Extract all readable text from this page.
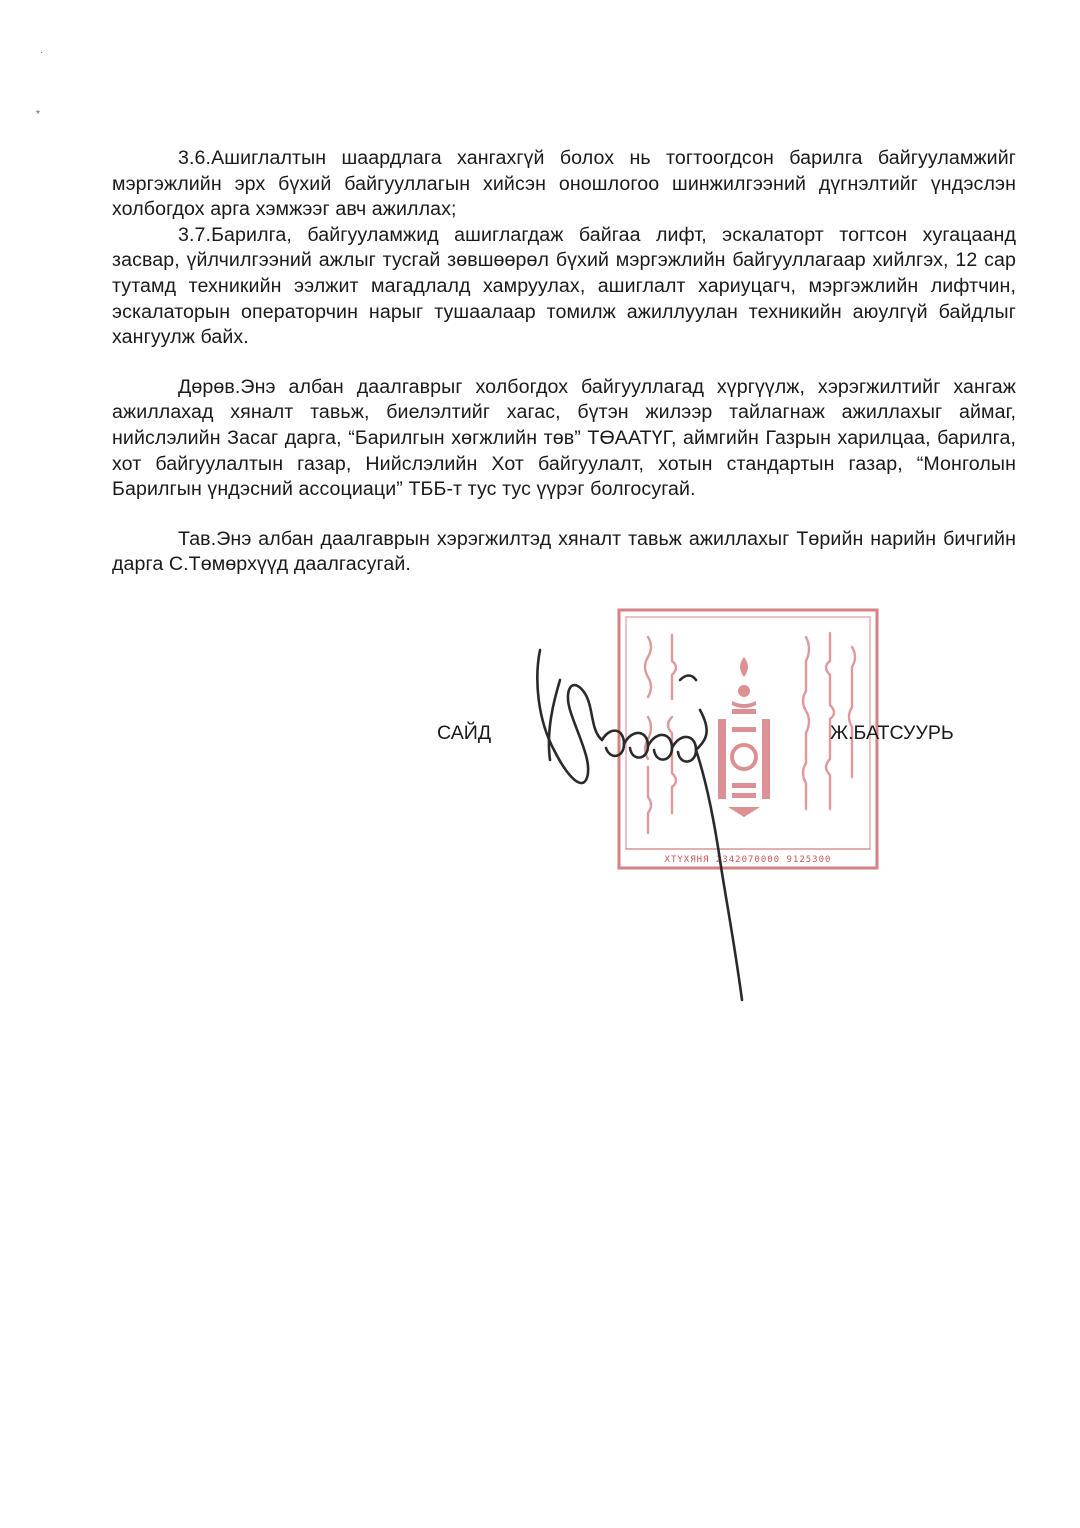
·
*

3.6.Ашиглалтын шаардлага хангахгүй болох нь тогтоогдсон барилга байгууламжийг мэргэжлийн эрх бүхий байгууллагын хийсэн оношлогоо шинжилгээний дүгнэлтийг үндэслэн холбогдох арга хэмжээг авч ажиллах;

3.7.Барилга, байгууламжид ашиглагдаж байгаа лифт, эскалаторт тогтсон хугацаанд засвар, үйлчилгээний ажлыг тусгай зөвшөөрөл бүхий мэргэжлийн байгууллагаар хийлгэх, 12 сар тутамд техникийн ээлжит магадлалд хамруулах, ашиглалт хариуцагч, мэргэжлийн лифтчин, эскалаторын операторчин нарыг тушаалаар томилж ажиллуулан техникийн аюулгүй байдлыг хангуулж байх.

Дөрөв.Энэ албан даалгаврыг холбогдох байгууллагад хүргүүлж, хэрэгжилтийг хангаж ажиллахад хяналт тавьж, биелэлтийг хагас, бүтэн жилээр тайлагнаж ажиллахыг аймаг, нийслэлийн Засаг дарга, “Барилгын хөгжлийн төв” ТӨААТҮГ, аймгийн Газрын харилцаа, барилга, хот байгуулалтын газар, Нийслэлийн Хот байгуулалт, хотын стандартын газар, “Монголын Барилгын үндэсний ассоциаци” ТББ-т тус тус үүрэг болгосугай.

Тав.Энэ албан даалгаврын хэрэгжилтэд хяналт тавьж ажиллахыг Төрийн нарийн бичгийн дарга С.Төмөрхүүд даалгасугай.

ХТҮХЯНЯ 2342070000 9125300
САЙД	Ж.БАТСУУРЬ
